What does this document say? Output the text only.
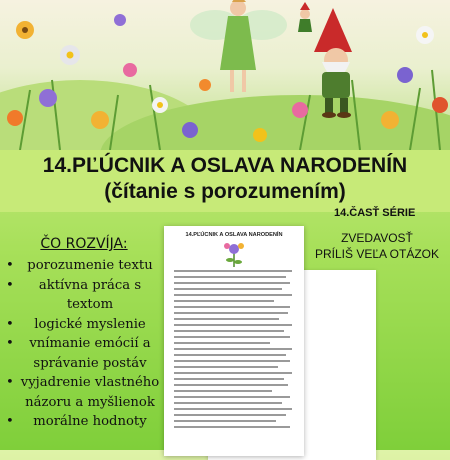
14.PĽÚCNIK A OSLAVA NARODENÍN
(čítanie s porozumením)
14.ČASŤ SÉRIE
ZVEDAVOSŤ
PRÍLIŠ VEĽA OTÁZOK
ČO ROZVÍJA:
• porozumenie textu
• aktívna práca s textom
• logické myslenie
• vnímanie emócií a správanie postáv
• vyjadrenie vlastného názoru a myšlienok
• morálne hodnoty
14.PĽÚCNIK A OSLAVA NARODENÍN
